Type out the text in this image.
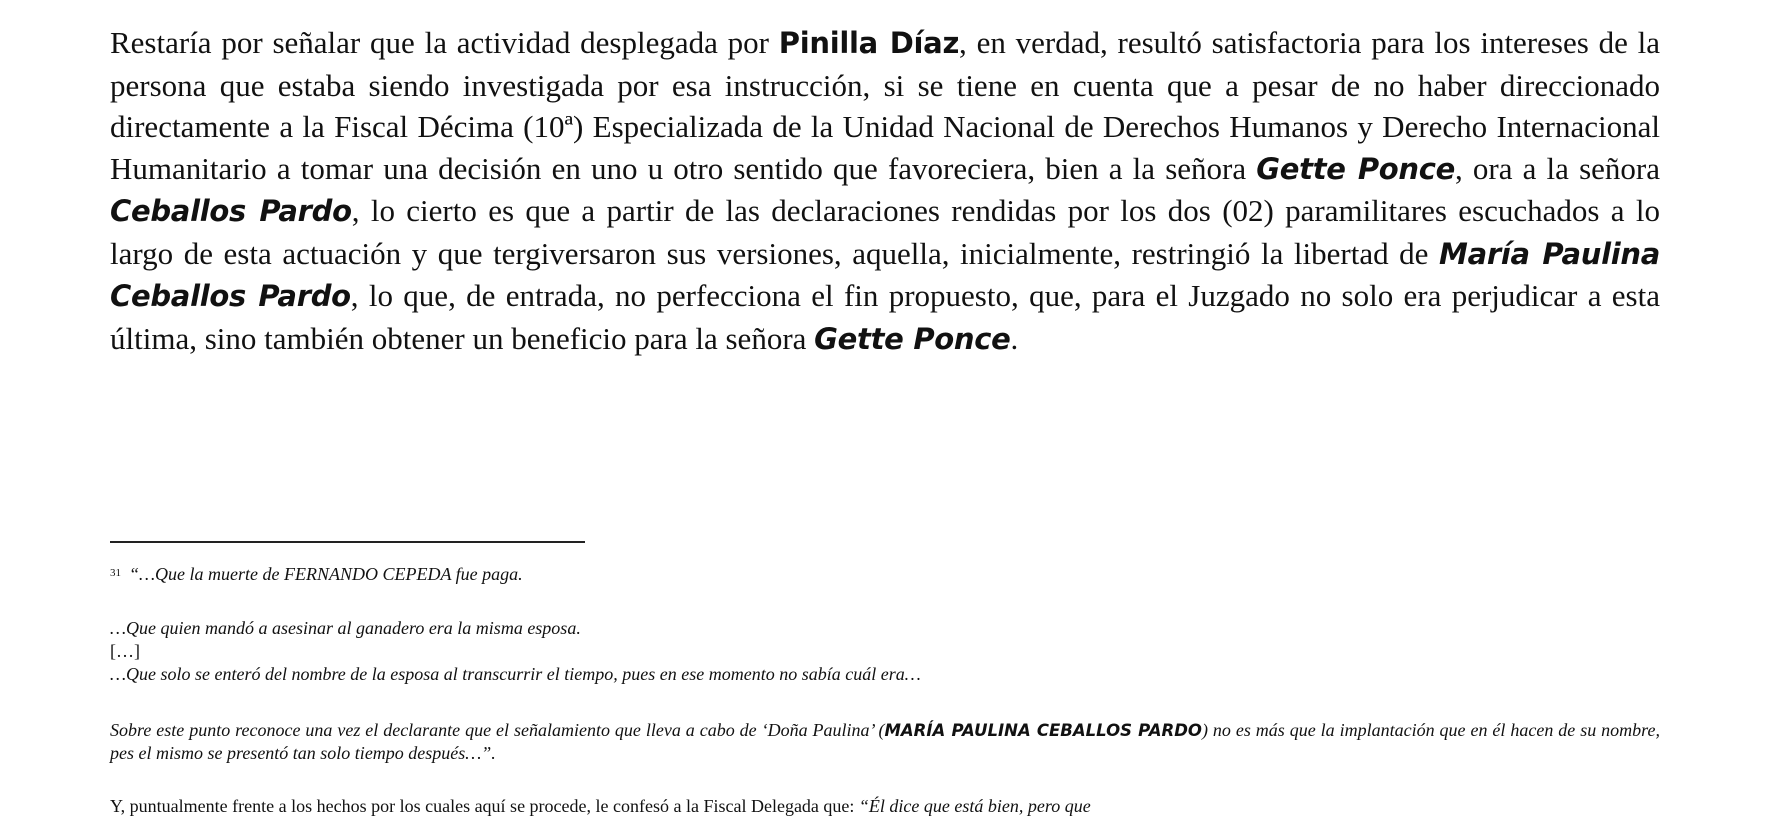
Restaría por señalar que la actividad desplegada por Pinilla Díaz, en verdad, resultó satisfactoria para los intereses de la persona que estaba siendo investigada por esa instrucción, si se tiene en cuenta que a pesar de no haber direccionado directamente a la Fiscal Décima (10ª) Especializada de la Unidad Nacional de Derechos Humanos y Derecho Internacional Humanitario a tomar una decisión en uno u otro sentido que favoreciera, bien a la señora Gette Ponce, ora a la señora Ceballos Pardo, lo cierto es que a partir de las declaraciones rendidas por los dos (02) paramilitares escuchados a lo largo de esta actuación y que tergiversaron sus versiones, aquella, inicialmente, restringió la libertad de María Paulina Ceballos Pardo, lo que, de entrada, no perfecciona el fin propuesto, que, para el Juzgado no solo era perjudicar a esta última, sino también obtener un beneficio para la señora Gette Ponce.
$^{31}$ “…Que la muerte de FERNANDO CEPEDA fue paga.
…Que quien mandó a asesinar al ganadero era la misma esposa.
[…]
…Que solo se enteró del nombre de la esposa al transcurrir el tiempo, pues en ese momento no sabía cuál era…
Sobre este punto reconoce una vez el declarante que el señalamiento que lleva a cabo de ‘Doña Paulina’ (MARÍA PAULINA CEBALLOS PARDO) no es más que la implantación que en él hacen de su nombre, pes el mismo se presentó tan solo tiempo después…”.
Y, puntualmente frente a los hechos por los cuales aquí se procede, le confesó a la Fiscal Delegada que: “Él dice que está bien, pero que
